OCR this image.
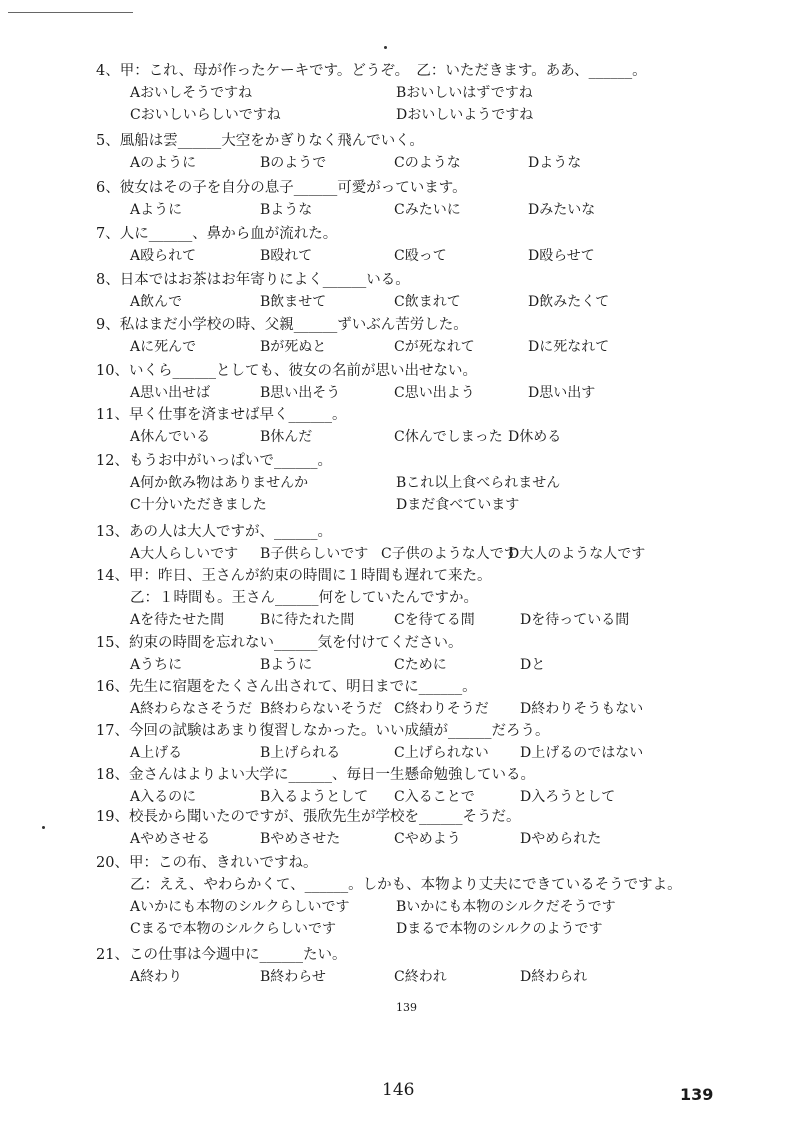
4、甲：これ、母が作ったケーキです。どうぞ。　乙：いただきます。ああ、______。
Aおいしそうですね	Bおいしいはずですね
Cおいしいらしいですね	Dおいしいようですね
5、風船は雲______大空をかぎりなく飛んでいく。
Aのように	Bのようで	Cのような	Dような
6、彼女はその子を自分の息子______可愛がっています。
Aように	Bような	Cみたいに	Dみたいな
7、人に______、鼻から血が流れた。
A殴られて	B殴れて	C殴って	D殴らせて
8、日本ではお茶はお年寄りによく______いる。
A飲んで	B飲ませて	C飲まれて	D飲みたくて
9、私はまだ小学校の時、父親______ずいぶん苦労した。
Aに死んで	Bが死ぬと	Cが死なれて	Dに死なれて
10、いくら______としても、彼女の名前が思い出せない。
A思い出せば	B思い出そう	C思い出よう	D思い出す
11、早く仕事を済ませば早く______。
A休んでいる	B休んだ	C休んでしまった D休める
12、もうお中がいっぱいで______。
A何か飲み物はありませんか	Bこれ以上食べられません
C十分いただきました	Dまだ食べています
13、あの人は大人ですが、______。
A大人らしいです B子供らしいです C子供のような人です
D大人のような人です
14、甲：昨日、王さんが約束の時間に１時間も遅れて来た。
乙：１時間も。王さん______何をしていたんですか。
Aを待たせた間	Bに待たれた間	Cを待てる間	Dを待っている間
15、約束の時間を忘れない______気を付けてください。
Aうちに	Bように	Cために	Dと
16、先生に宿題をたくさん出されて、明日までに______。
A終わらなさそうだ B終わらないそうだ C終わりそうだ D終わりそうもない
17、今回の試験はあまり復習しなかった。いい成績が______だろう。
A上げる	B上げられる	C上げられない D上げるのではない
18、金さんはよりよい大学に______、毎日一生懸命勉強している。
A入るのに	B入るようとして C入ることで	D入ろうとして
19、校長から聞いたのですが、張欣先生が学校を______そうだ。
Aやめさせる	Bやめさせた	Cやめよう	Dやめられた
20、甲：この布、きれいですね。
乙：ええ、やわらかくて、______。しかも、本物より丈夫にできているそうですよ。
Aいかにも本物のシルクらしいです	Bいかにも本物のシルクだそうです
Cまるで本物のシルクらしいです	Dまるで本物のシルクのようです
21、この仕事は今週中に______たい。
A終わり	B終わらせ	C終われ	D終わられ
139
146	139
